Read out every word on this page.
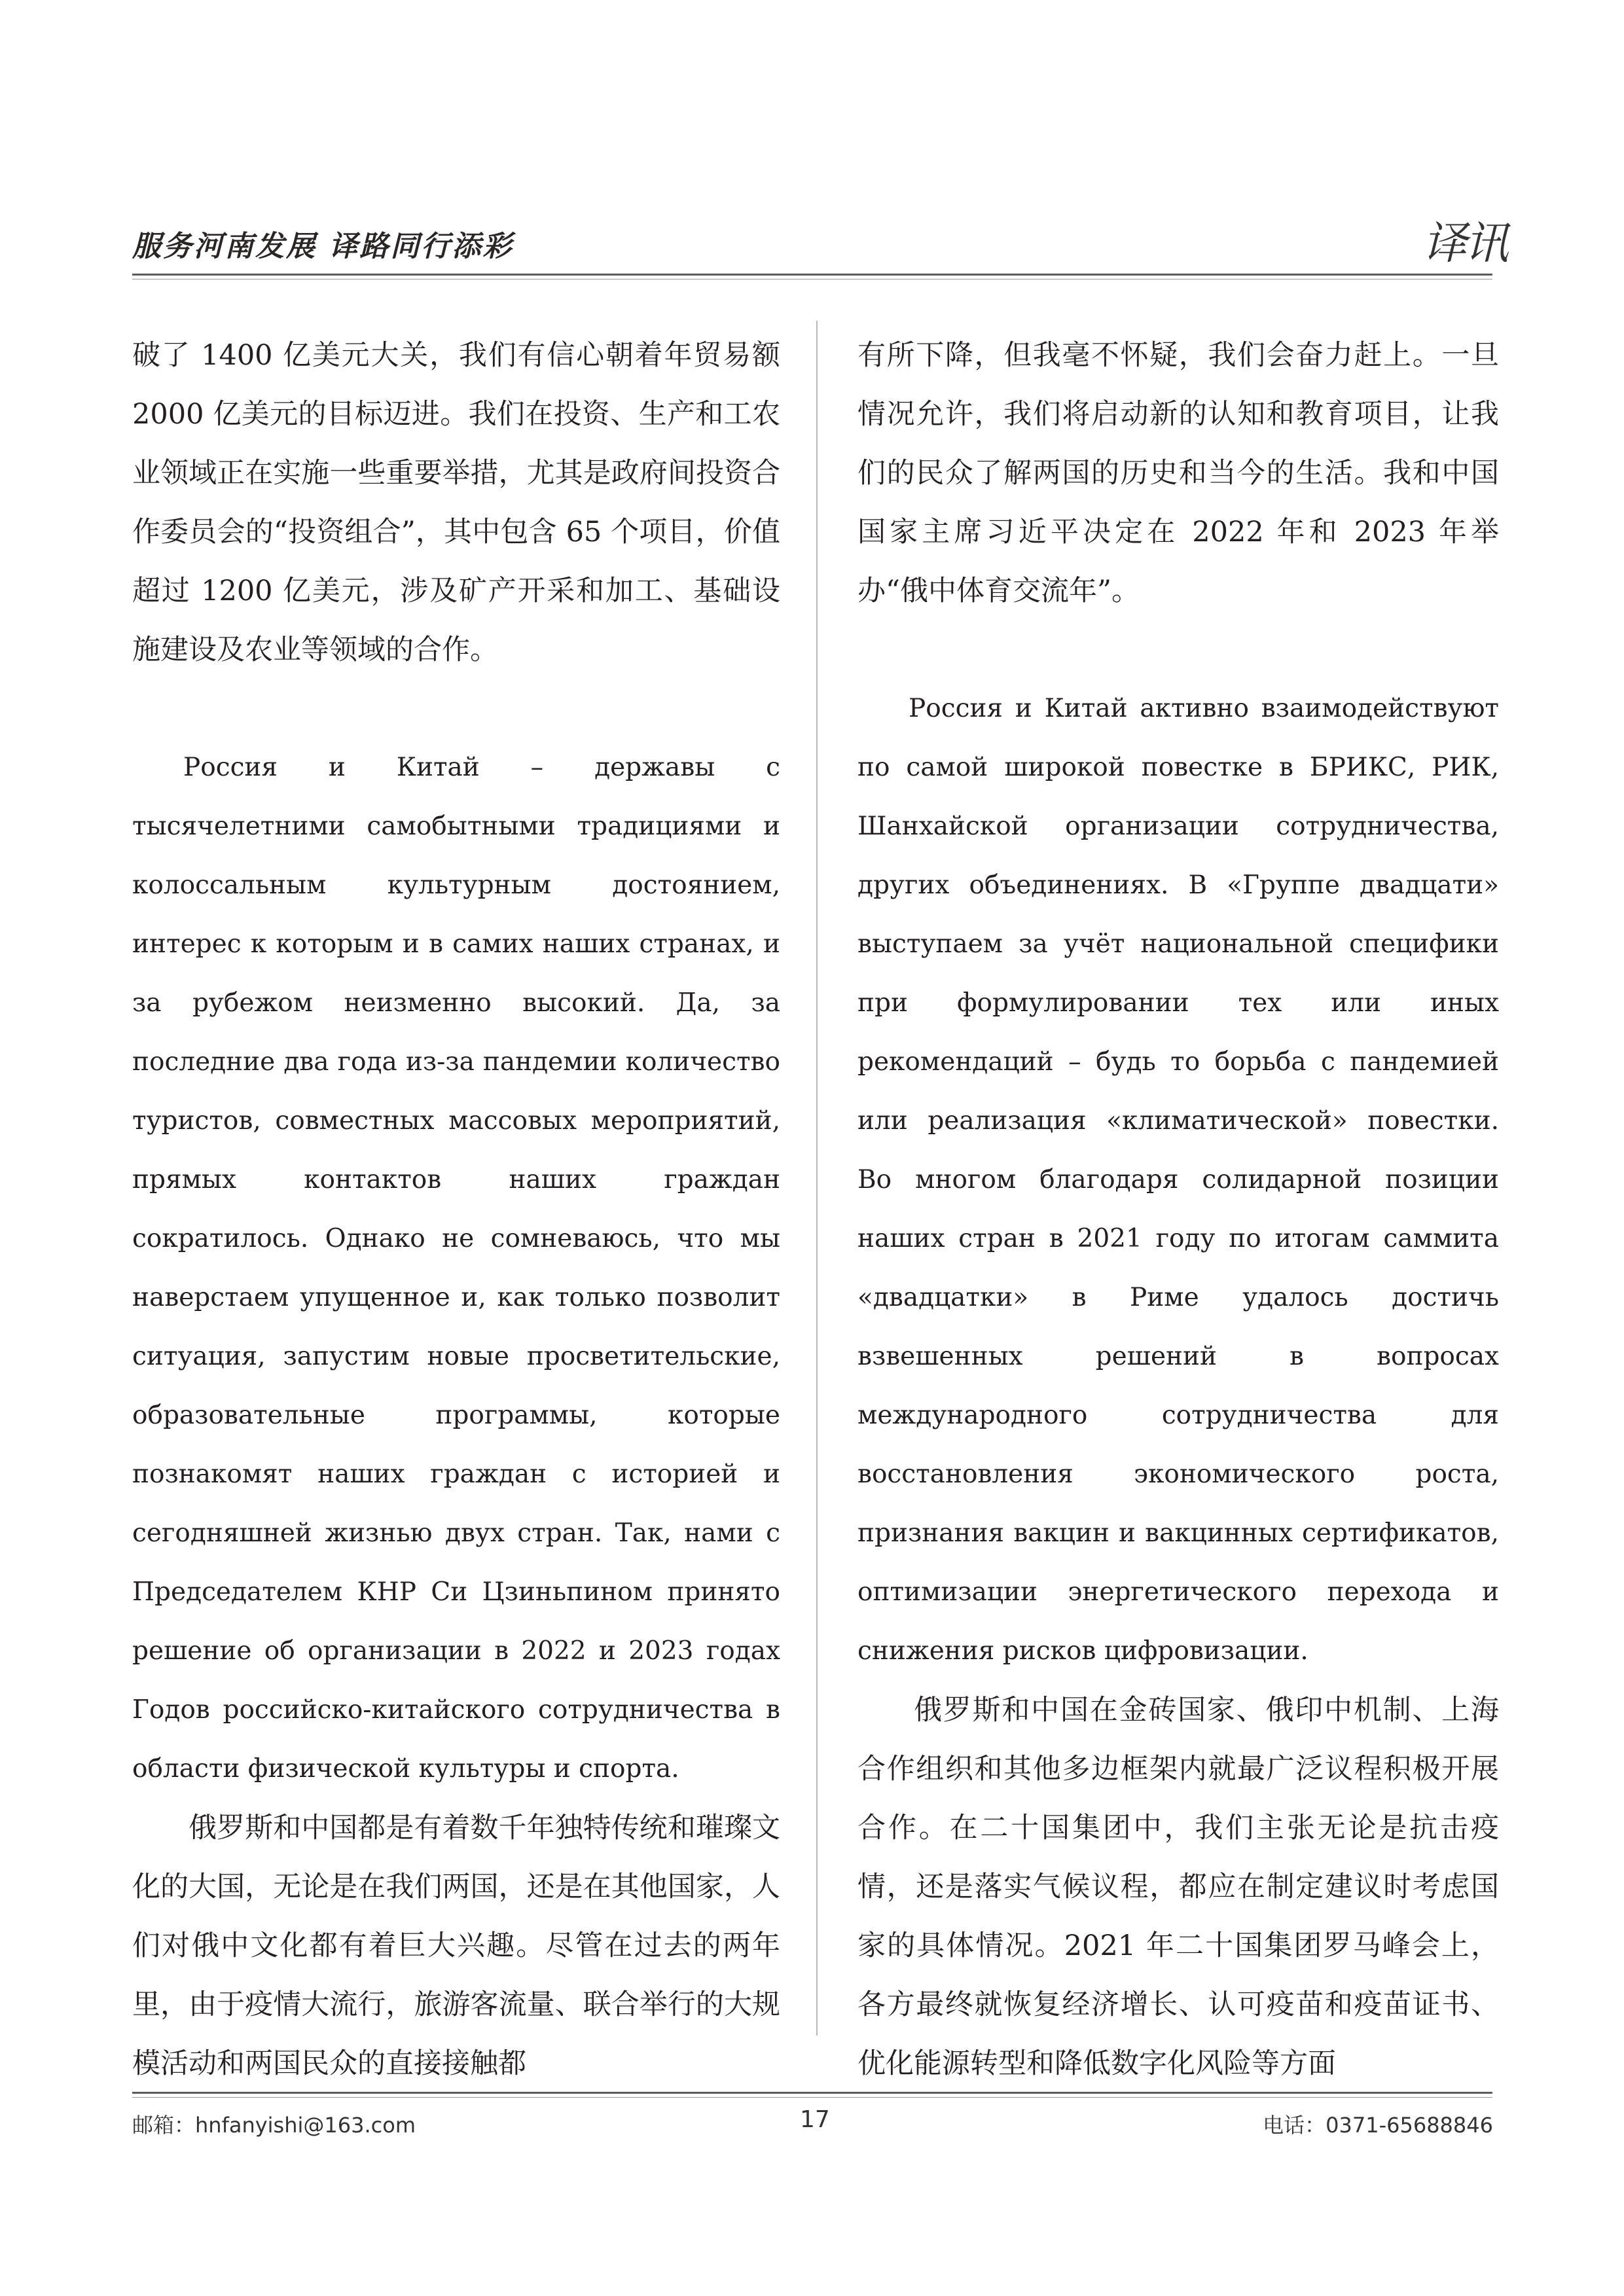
服务河南发展 译路同行添彩	译讯

破了 1400 亿美元大关，我们有信心朝着年贸易额 2000 亿美元的目标迈进。我们在投资、生产和工农业领域正在实施一些重要举措，尤其是政府间投资合作委员会的“投资组合”，其中包含 65 个项目，价值超过 1200 亿美元，涉及矿产开采和加工、基础设施建设及农业等领域的合作。

Россия и Китай – державы с тысячелетними самобытными традициями и колоссальным культурным достоянием, интерес к которым и в самих наших странах, и за рубежом неизменно высокий. Да, за последние два года из-за пандемии количество туристов, совместных массовых мероприятий, прямых контактов наших граждан сократилось. Однако не сомневаюсь, что мы наверстаем упущенное и, как только позволит ситуация, запустим новые просветительские, образовательные программы, которые познакомят наших граждан с историей и сегодняшней жизнью двух стран. Так, нами с Председателем КНР Си Цзиньпином принято решение об организации в 2022 и 2023 годах Годов российско-китайского сотрудничества в области физической культуры и спорта.

俄罗斯和中国都是有着数千年独特传统和璀璨文化的大国，无论是在我们两国，还是在其他国家，人们对俄中文化都有着巨大兴趣。尽管在过去的两年里，由于疫情大流行，旅游客流量、联合举行的大规模活动和两国民众的直接接触都

有所下降，但我毫不怀疑，我们会奋力赶上。一旦情况允许，我们将启动新的认知和教育项目，让我们的民众了解两国的历史和当今的生活。我和中国国家主席习近平决定在 2022 年和 2023 年举办“俄中体育交流年”。

Россия и Китай активно взаимодействуют по самой широкой повестке в БРИКС, РИК, Шанхайской организации сотрудничества, других объединениях. В «Группе двадцати» выступаем за учёт национальной специфики при формулировании тех или иных рекомендаций – будь то борьба с пандемией или реализация «климатической» повестки. Во многом благодаря солидарной позиции наших стран в 2021 году по итогам саммита «двадцатки» в Риме удалось достичь взвешенных решений в вопросах международного сотрудничества для восстановления экономического роста, признания вакцин и вакцинных сертификатов, оптимизации энергетического перехода и снижения рисков цифровизации.

俄罗斯和中国在金砖国家、俄印中机制、上海合作组织和其他多边框架内就最广泛议程积极开展合作。在二十国集团中，我们主张无论是抗击疫情，还是落实气候议程，都应在制定建议时考虑国家的具体情况。2021 年二十国集团罗马峰会上，各方最终就恢复经济增长、认可疫苗和疫苗证书、优化能源转型和降低数字化风险等方面

邮箱：hnfanyishi@163.com	17	电话：0371-65688846
